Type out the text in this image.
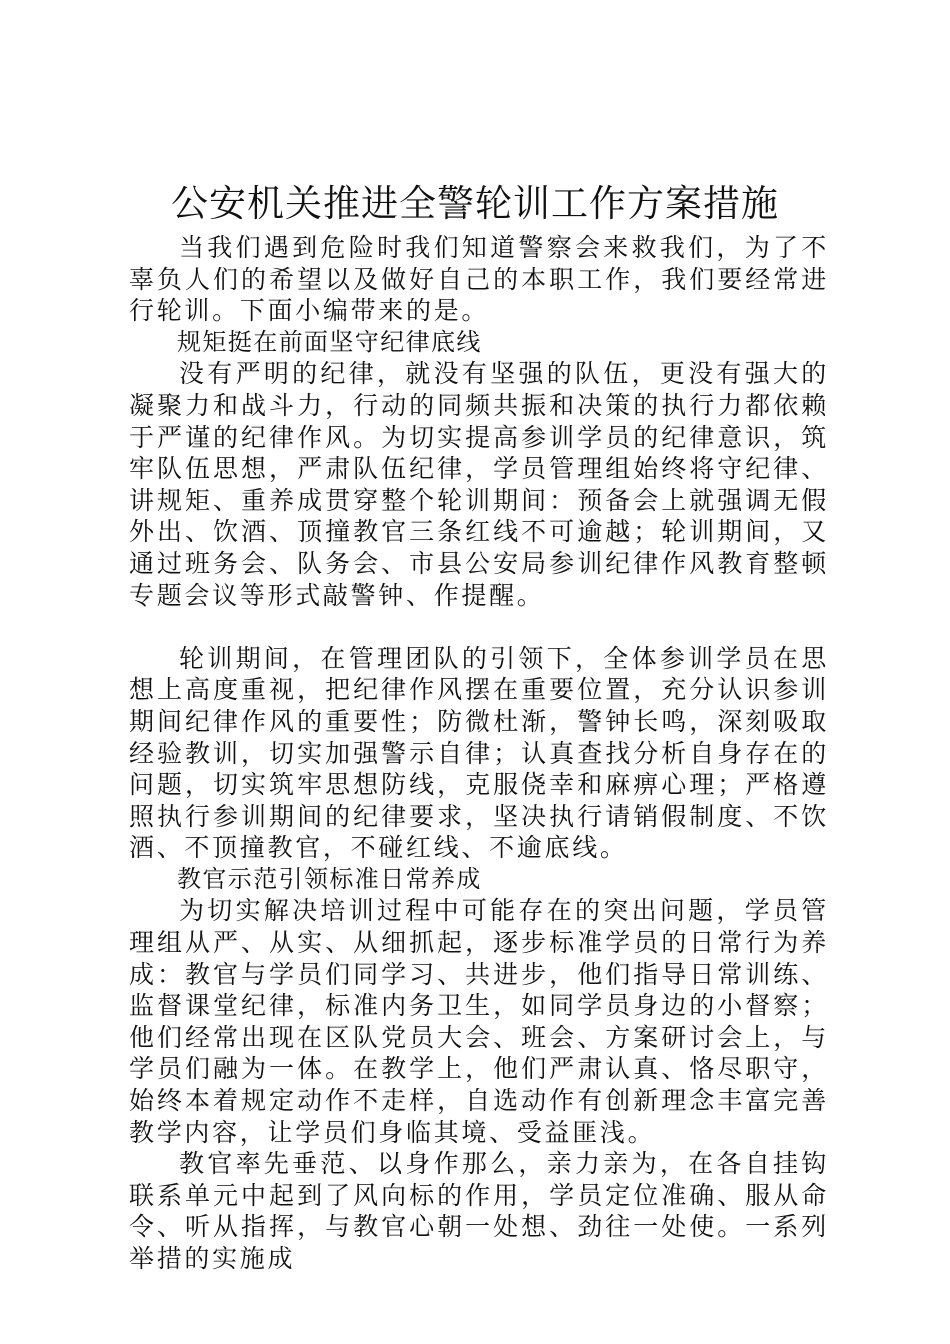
公安机关推进全警轮训工作方案措施

当我们遇到危险时我们知道警察会来救我们，为了不辜负人们的希望以及做好自己的本职工作，我们要经常进行轮训。下面小编带来的是。

规矩挺在前面坚守纪律底线

没有严明的纪律，就没有坚强的队伍，更没有强大的凝聚力和战斗力，行动的同频共振和决策的执行力都依赖于严谨的纪律作风。为切实提高参训学员的纪律意识，筑牢队伍思想，严肃队伍纪律，学员管理组始终将守纪律、讲规矩、重养成贯穿整个轮训期间：预备会上就强调无假外出、饮酒、顶撞教官三条红线不可逾越；轮训期间，又通过班务会、队务会、市县公安局参训纪律作风教育整顿专题会议等形式敲警钟、作提醒。

轮训期间，在管理团队的引领下，全体参训学员在思想上高度重视，把纪律作风摆在重要位置，充分认识参训期间纪律作风的重要性；防微杜渐，警钟长鸣，深刻吸取经验教训，切实加强警示自律；认真查找分析自身存在的问题，切实筑牢思想防线，克服侥幸和麻痹心理；严格遵照执行参训期间的纪律要求，坚决执行请销假制度、不饮酒、不顶撞教官，不碰红线、不逾底线。

教官示范引领标准日常养成

为切实解决培训过程中可能存在的突出问题，学员管理组从严、从实、从细抓起，逐步标准学员的日常行为养成：教官与学员们同学习、共进步，他们指导日常训练、监督课堂纪律，标准内务卫生，如同学员身边的小督察；他们经常出现在区队党员大会、班会、方案研讨会上，与学员们融为一体。在教学上，他们严肃认真、恪尽职守，始终本着规定动作不走样，自选动作有创新理念丰富完善教学内容，让学员们身临其境、受益匪浅。

教官率先垂范、以身作那么，亲力亲为，在各自挂钩联系单元中起到了风向标的作用，学员定位准确、服从命令、听从指挥，与教官心朝一处想、劲往一处使。一系列举措的实施成
